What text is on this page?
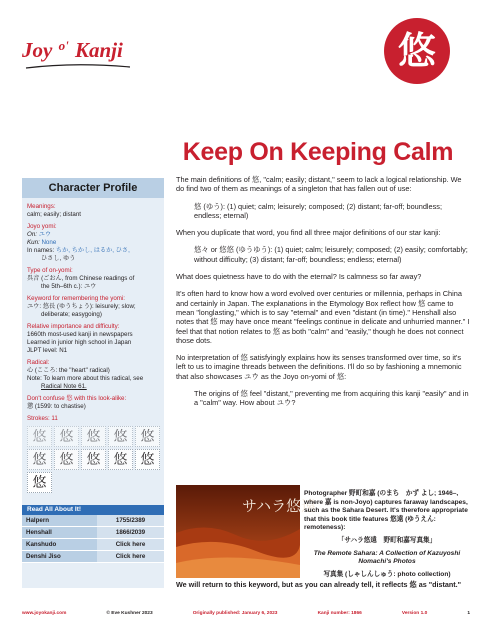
Joy $^{o'}$ Kanji	悠
Keep On Keeping Calm
Character Profile
Meanings:
calm; easily; distant
Joyo yomi:
On: ユウ
Kun: None
In names: ちか, ちかし, はるか, ひさ,
ひさし, ゆう
Type of on-yomi:
呉音 (ごおん, from Chinese readings of
the 5th–6th c.): ユウ
Keyword for remembering the yomi:
ユウ: 悠長 (ゆうちょう): leisurely; slow;
deliberate; easygoing)
Relative importance and difficulty:
1660th most-used kanji in newspapers
Learned in junior high school in Japan
JLPT level: N1
Radical:
心 (こころ: the "heart" radical)
Note: To learn more about this radical, see
Radical Note 61.
Don't confuse 悠 with this look-alike:
懲 (1599: to chastise)
Strokes: 11
悠 悠 悠 悠 悠
悠 悠 悠 悠 悠
悠
Read All About It!
Halpern	1755/2389
Henshall	1866/2039
Kanshudo	Click here
Denshi Jiso	Click here

The main definitions of 悠, "calm; easily; distant," seem to lack a logical relationship. We do find two of them as meanings of a singleton that has fallen out of use:

悠 (ゆう): (1) quiet; calm; leisurely; composed; (2) distant; far-off; boundless; endless; eternal)

When you duplicate that word, you find all three major definitions of our star kanji:

悠々 or 悠悠 (ゆうゆう): (1) quiet; calm; leisurely; composed; (2) easily; comfortably; without difficulty; (3) distant; far-off; boundless; endless; eternal)

What does quietness have to do with the eternal? Is calmness so far away?

It's often hard to know how a word evolved over centuries or millennia, perhaps in China and certainly in Japan. The explanations in the Etymology Box reflect how 悠 came to mean "longlasting," which is to say "eternal" and even "distant (in time)." Henshall also notes that 悠 may have once meant "feelings continue in delicate and unhurried manner." I feel that that notion relates to 悠 as both "calm" and "easily," though he does not connect those dots.

No interpretation of 悠 satisfyingly explains how its senses transformed over time, so it's left to us to imagine threads between the definitions. I'll do so by fashioning a mnemonic that also showcases ユウ as the Joyo on-yomi of 悠:

The origins of 悠 feel "distant," preventing me from acquiring this kanji "easily" and in a "calm" way. How about ユウ?

サハラ悠遠
Photographer 野町和嘉 (のまち　かず よし; 1946–, where 嘉 is non-Joyo) captures faraway landscapes, such as the Sahara Desert. It's therefore appropriate that this book title features 悠遠 (ゆうえん: remoteness):
「サハラ悠遠　野町和嘉写真集」
The Remote Sahara: A Collection of Kazuyoshi Nomachi's Photos
写真集 (しゃしんしゅう: photo collection)
We will return to this keyword, but as you can already tell, it reflects 悠 as "distant."
www.joyokanji.com	© Eve Kushner 2023	Originally published: January 6, 2023	Kanji number: 1866	Version 1.0	1
